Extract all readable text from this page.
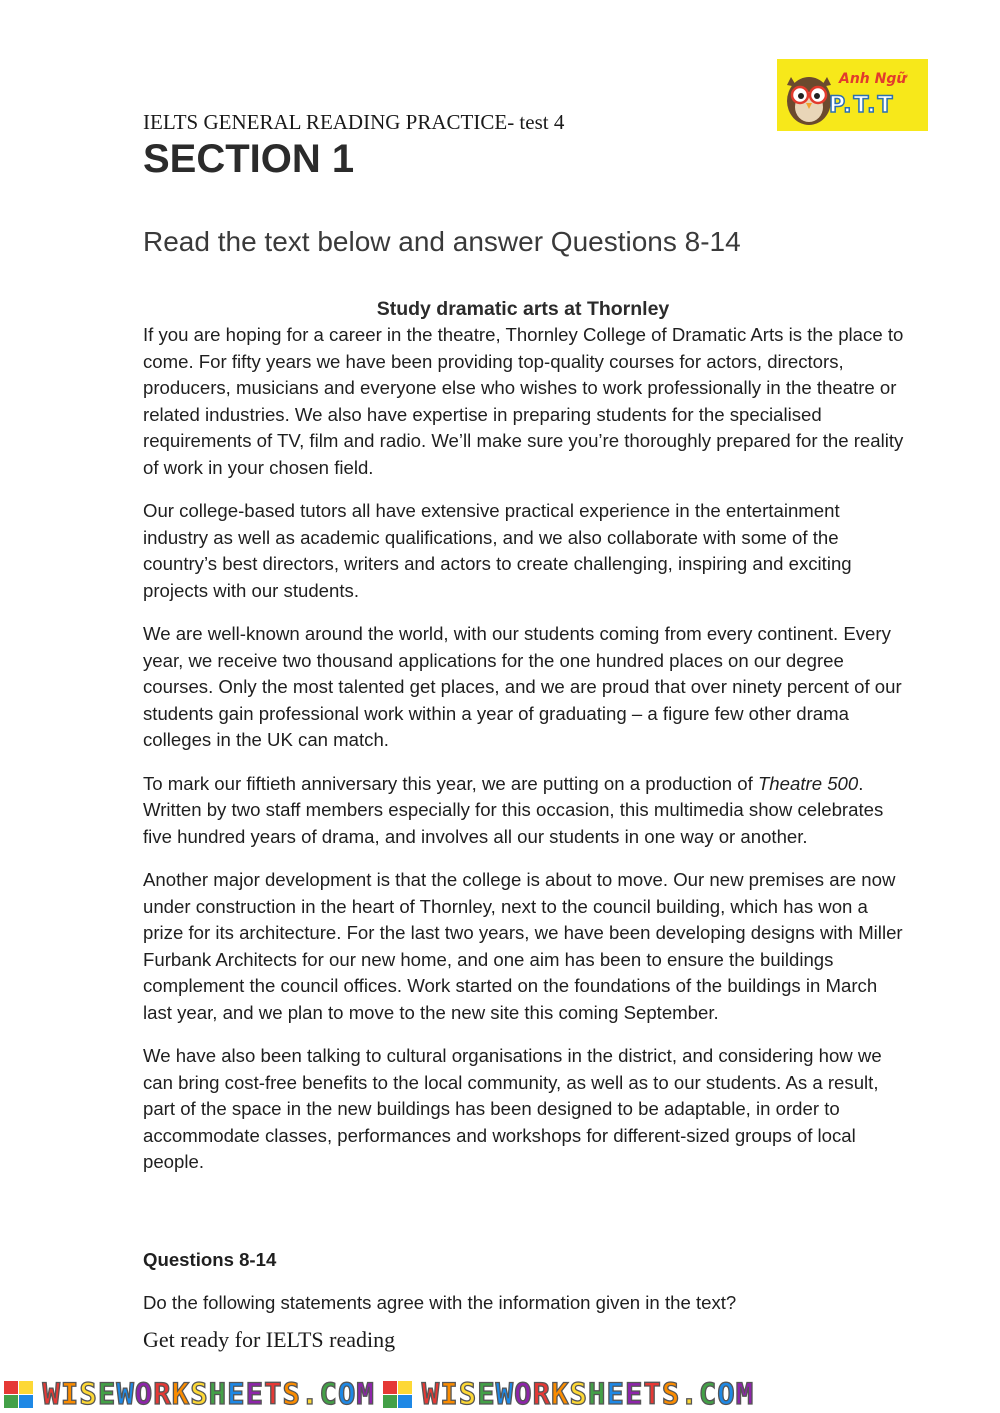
Anh Ngữ
P.T.T
IELTS GENERAL READING PRACTICE- test 4
SECTION 1
Read the text below and answer Questions 8-14
Study dramatic arts at Thornley

If you are hoping for a career in the theatre, Thornley College of Dramatic Arts is the place to come. For fifty years we have been providing top-quality courses for actors, directors, producers, musicians and everyone else who wishes to work professionally in the theatre or related industries. We also have expertise in preparing students for the specialised requirements of TV, film and radio. We’ll make sure you’re thoroughly prepared for the reality of work in your chosen field.

Our college-based tutors all have extensive practical experience in the entertainment industry as well as academic qualifications, and we also collaborate with some of the country’s best directors, writers and actors to create challenging, inspiring and exciting projects with our students.

We are well-known around the world, with our students coming from every continent. Every year, we receive two thousand applications for the one hundred places on our degree courses. Only the most talented get places, and we are proud that over ninety percent of our students gain professional work within a year of graduating – a figure few other drama colleges in the UK can match.

To mark our fiftieth anniversary this year, we are putting on a production of Theatre 500. Written by two staff members especially for this occasion, this multimedia show celebrates five hundred years of drama, and involves all our students in one way or another.

Another major development is that the college is about to move. Our new premises are now under construction in the heart of Thornley, next to the council building, which has won a prize for its architecture. For the last two years, we have been developing designs with Miller Furbank Architects for our new home, and one aim has been to ensure the buildings complement the council offices. Work started on the foundations of the buildings in March last year, and we plan to move to the new site this coming September.

We have also been talking to cultural organisations in the district, and considering how we can bring cost-free benefits to the local community, as well as to our students. As a result, part of the space in the new buildings has been designed to be adaptable, in order to accommodate classes, performances and workshops for different-sized groups of local people.

Questions 8-14
Do the following statements agree with the information given in the text?
Get ready for IELTS reading
WISEWORKSHEETS.COM WISEWORKSHEETS.COM
